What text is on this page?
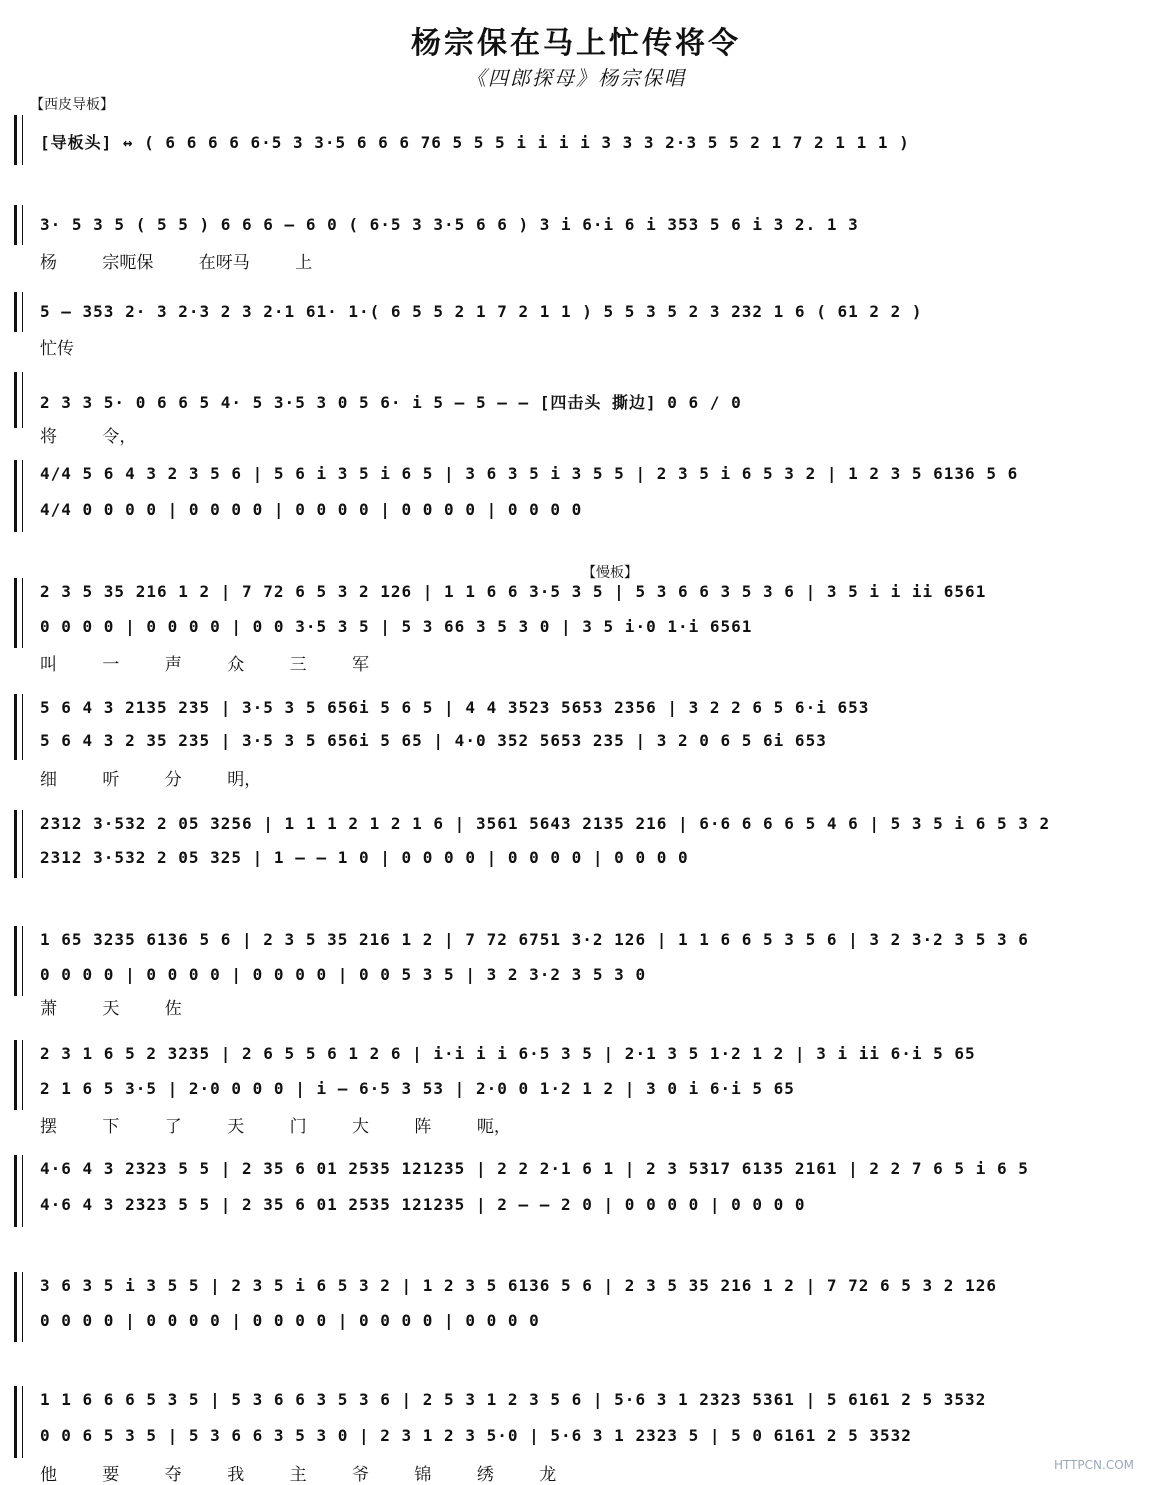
杨宗保在马上忙传将令
《四郎探母》杨宗保唱
【西皮导板】
【慢板】
[导板头] ↔ ( 6 6 6 6 6·5 3 3·5 6 6 6 76 5 5 5 i i i i 3 3 3 2·3 5 5 2 1 7 2 1 1 1 )
3· 5 3 5 ( 5 5 ) 6 6 6 — 6 0 ( 6·5 3 3·5 6 6 ) 3 i 6·i 6 i 353 5 6 i 3 2. 1 3
杨 宗呃保 在呀马 上
5 — 353 2· 3 2·3 2 3 2·1 61· 1·( 6 5 5 2 1 7 2 1 1 ) 5 5 3 5 2 3 232 1 6 ( 61 2 2 )
忙传
2 3 3 5· 0 6 6 5 4· 5 3·5 3 0 5 6· i 5 — 5 — — [四击头 撕边] 0 6 / 0
将 令，
4/4 5 6 4 3 2 3 5 6 | 5 6 i 3 5 i 6 5 | 3 6 3 5 i 3 5 5 | 2 3 5 i 6 5 3 2 | 1 2 3 5 6136 5 6
4/4 0 0 0 0 | 0 0 0 0 | 0 0 0 0 | 0 0 0 0 | 0 0 0 0
2 3 5 35 216 1 2 | 7 72 6 5 3 2 126 | 1 1 6 6 3·5 3 5 | 5 3 6 6 3 5 3 6 | 3 5 i i ii 6561
0 0 0 0 | 0 0 0 0 | 0 0 3·5 3 5 | 5 3 66 3 5 3 0 | 3 5 i·0 1·i 6561
叫 一 声 众 三 军
5 6 4 3 2135 235 | 3·5 3 5 656i 5 6 5 | 4 4 3523 5653 2356 | 3 2 2 6 5 6·i 653
5 6 4 3 2 35 235 | 3·5 3 5 656i 5 65 | 4·0 352 5653 235 | 3 2 0 6 5 6i 653
细 听 分 明，
2312 3·532 2 05 3256 | 1 1 1 2 1 2 1 6 | 3561 5643 2135 216 | 6·6 6 6 6 5 4 6 | 5 3 5 i 6 5 3 2
2312 3·532 2 05 325 | 1 — — 1 0 | 0 0 0 0 | 0 0 0 0 | 0 0 0 0
1 65 3235 6136 5 6 | 2 3 5 35 216 1 2 | 7 72 6751 3·2 126 | 1 1 6 6 5 3 5 6 | 3 2 3·2 3 5 3 6
0 0 0 0 | 0 0 0 0 | 0 0 0 0 | 0 0 5 3 5 | 3 2 3·2 3 5 3 0
萧 天 佐
2 3 1 6 5 2 3235 | 2 6 5 5 6 1 2 6 | i·i i i 6·5 3 5 | 2·1 3 5 1·2 1 2 | 3 i ii 6·i 5 65
2 1 6 5 3·5 | 2·0 0 0 0 | i — 6·5 3 53 | 2·0 0 1·2 1 2 | 3 0 i 6·i 5 65
摆 下 了 天 门 大 阵 呃，
4·6 4 3 2323 5 5 | 2 35 6 01 2535 121235 | 2 2 2·1 6 1 | 2 3 5317 6135 2161 | 2 2 7 6 5 i 6 5
4·6 4 3 2323 5 5 | 2 35 6 01 2535 121235 | 2 — — 2 0 | 0 0 0 0 | 0 0 0 0
3 6 3 5 i 3 5 5 | 2 3 5 i 6 5 3 2 | 1 2 3 5 6136 5 6 | 2 3 5 35 216 1 2 | 7 72 6 5 3 2 126
0 0 0 0 | 0 0 0 0 | 0 0 0 0 | 0 0 0 0 | 0 0 0 0
1 1 6 6 6 5 3 5 | 5 3 6 6 3 5 3 6 | 2 5 3 1 2 3 5 6 | 5·6 3 1 2323 5361 | 5 6161 2 5 3532
0 0 6 5 3 5 | 5 3 6 6 3 5 3 0 | 2 3 1 2 3 5·0 | 5·6 3 1 2323 5 | 5 0 6161 2 5 3532
他 要 夺 我 主 爷 锦 绣 龙	HTTPCN.COM
